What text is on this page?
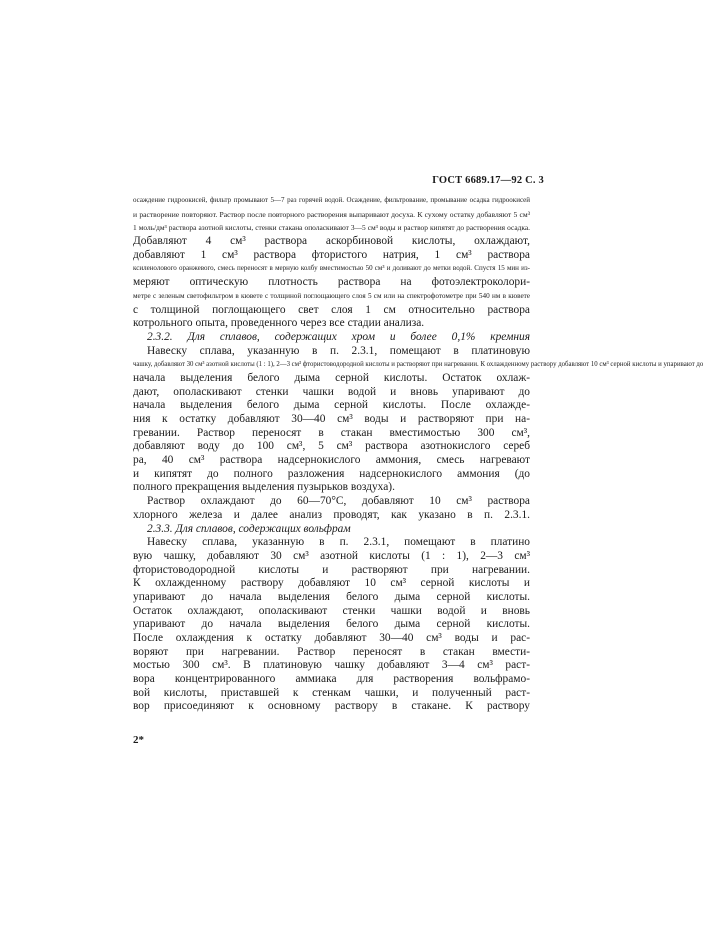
ГОСТ 6689.17—92 С. 3
осаждение гидроокисей, фильтр промывают 5—7 раз горячей водой. Осаждение, фильтрование, промывание осадка гидроокисей
и растворение повторяют. Раствор после повторного растворения выпаривают досуха. К сухому остатку добавляют 5 см³
1 моль/дм³ раствора азотной кислоты, стенки стакана ополаскивают 3—5 см³ воды и раствор кипятят до растворения осадка.
Добавляют 4 см³ раствора аскорбиновой кислоты, охлаждают,
добавляют 1 см³ раствора фтористого натрия, 1 см³ раствора
ксиленолового оранжевого, смесь переносят в мерную колбу вместимостью 50 см³ и доливают до метки водой. Спустя 15 мин из-
меряют оптическую плотность раствора на фотоэлектроколори-
метре с зеленым светофильтром в кювете с толщиной поглощающего слоя 5 см или на спектрофотометре при 540 нм в кювете
с толщиной поглощающего свет слоя 1 см относительно раствора
котрольного опыта, проведенного через все стадии анализа.
2.3.2. Для сплавов, содержащих хром и более 0,1% кремния
Навеску сплава, указанную в п. 2.3.1, помещают в платиновую
чашку, добавляют 30 см³ азотной кислоты (1 : 1), 2—3 см³ фтористоводородной кислоты и растворяют при нагревании. К охлажденному раствору добавляют 10 см³ серной кислоты и упаривают до
начала выделения белого дыма серной кислоты. Остаток охлаж-
дают, ополаскивают стенки чашки водой и вновь упаривают до
начала выделения белого дыма серной кислоты. После охлажде-
ния к остатку добавляют 30—40 см³ воды и растворяют при на-
гревании. Раствор переносят в стакан вместимостью 300 см³,
добавляют воду до 100 см³, 5 см³ раствора азотнокислого сереб
ра, 40 см³ раствора надсернокислого аммония, смесь нагревают
и кипятят до полного разложения надсернокислого аммония (до
полного прекращения выделения пузырьков воздуха).
Раствор охлаждают до 60—70°С, добавляют 10 см³ раствора
хлорного железа и далее анализ проводят, как указано в п. 2.3.1.
2.3.3. Для сплавов, содержащих вольфрам
Навеску сплава, указанную в п. 2.3.1, помещают в платино
вую чашку, добавляют 30 см³ азотной кислоты (1 : 1), 2—3 см³
фтористоводородной кислоты и растворяют при нагревании.
К охлажденному раствору добавляют 10 см³ серной кислоты и
упаривают до начала выделения белого дыма серной кислоты.
Остаток охлаждают, ополаскивают стенки чашки водой и вновь
упаривают до начала выделения белого дыма серной кислоты.
После охлаждения к остатку добавляют 30—40 см³ воды и рас-
воряют при нагревании. Раствор переносят в стакан вмести-
мостью 300 см³. В платиновую чашку добавляют 3—4 см³ раст-
вора концентрированного аммиака для растворения вольфрамо-
вой кислоты, приставшей к стенкам чашки, и полученный раст-
вор присоединяют к основному раствору в стакане. К раствору
2*
